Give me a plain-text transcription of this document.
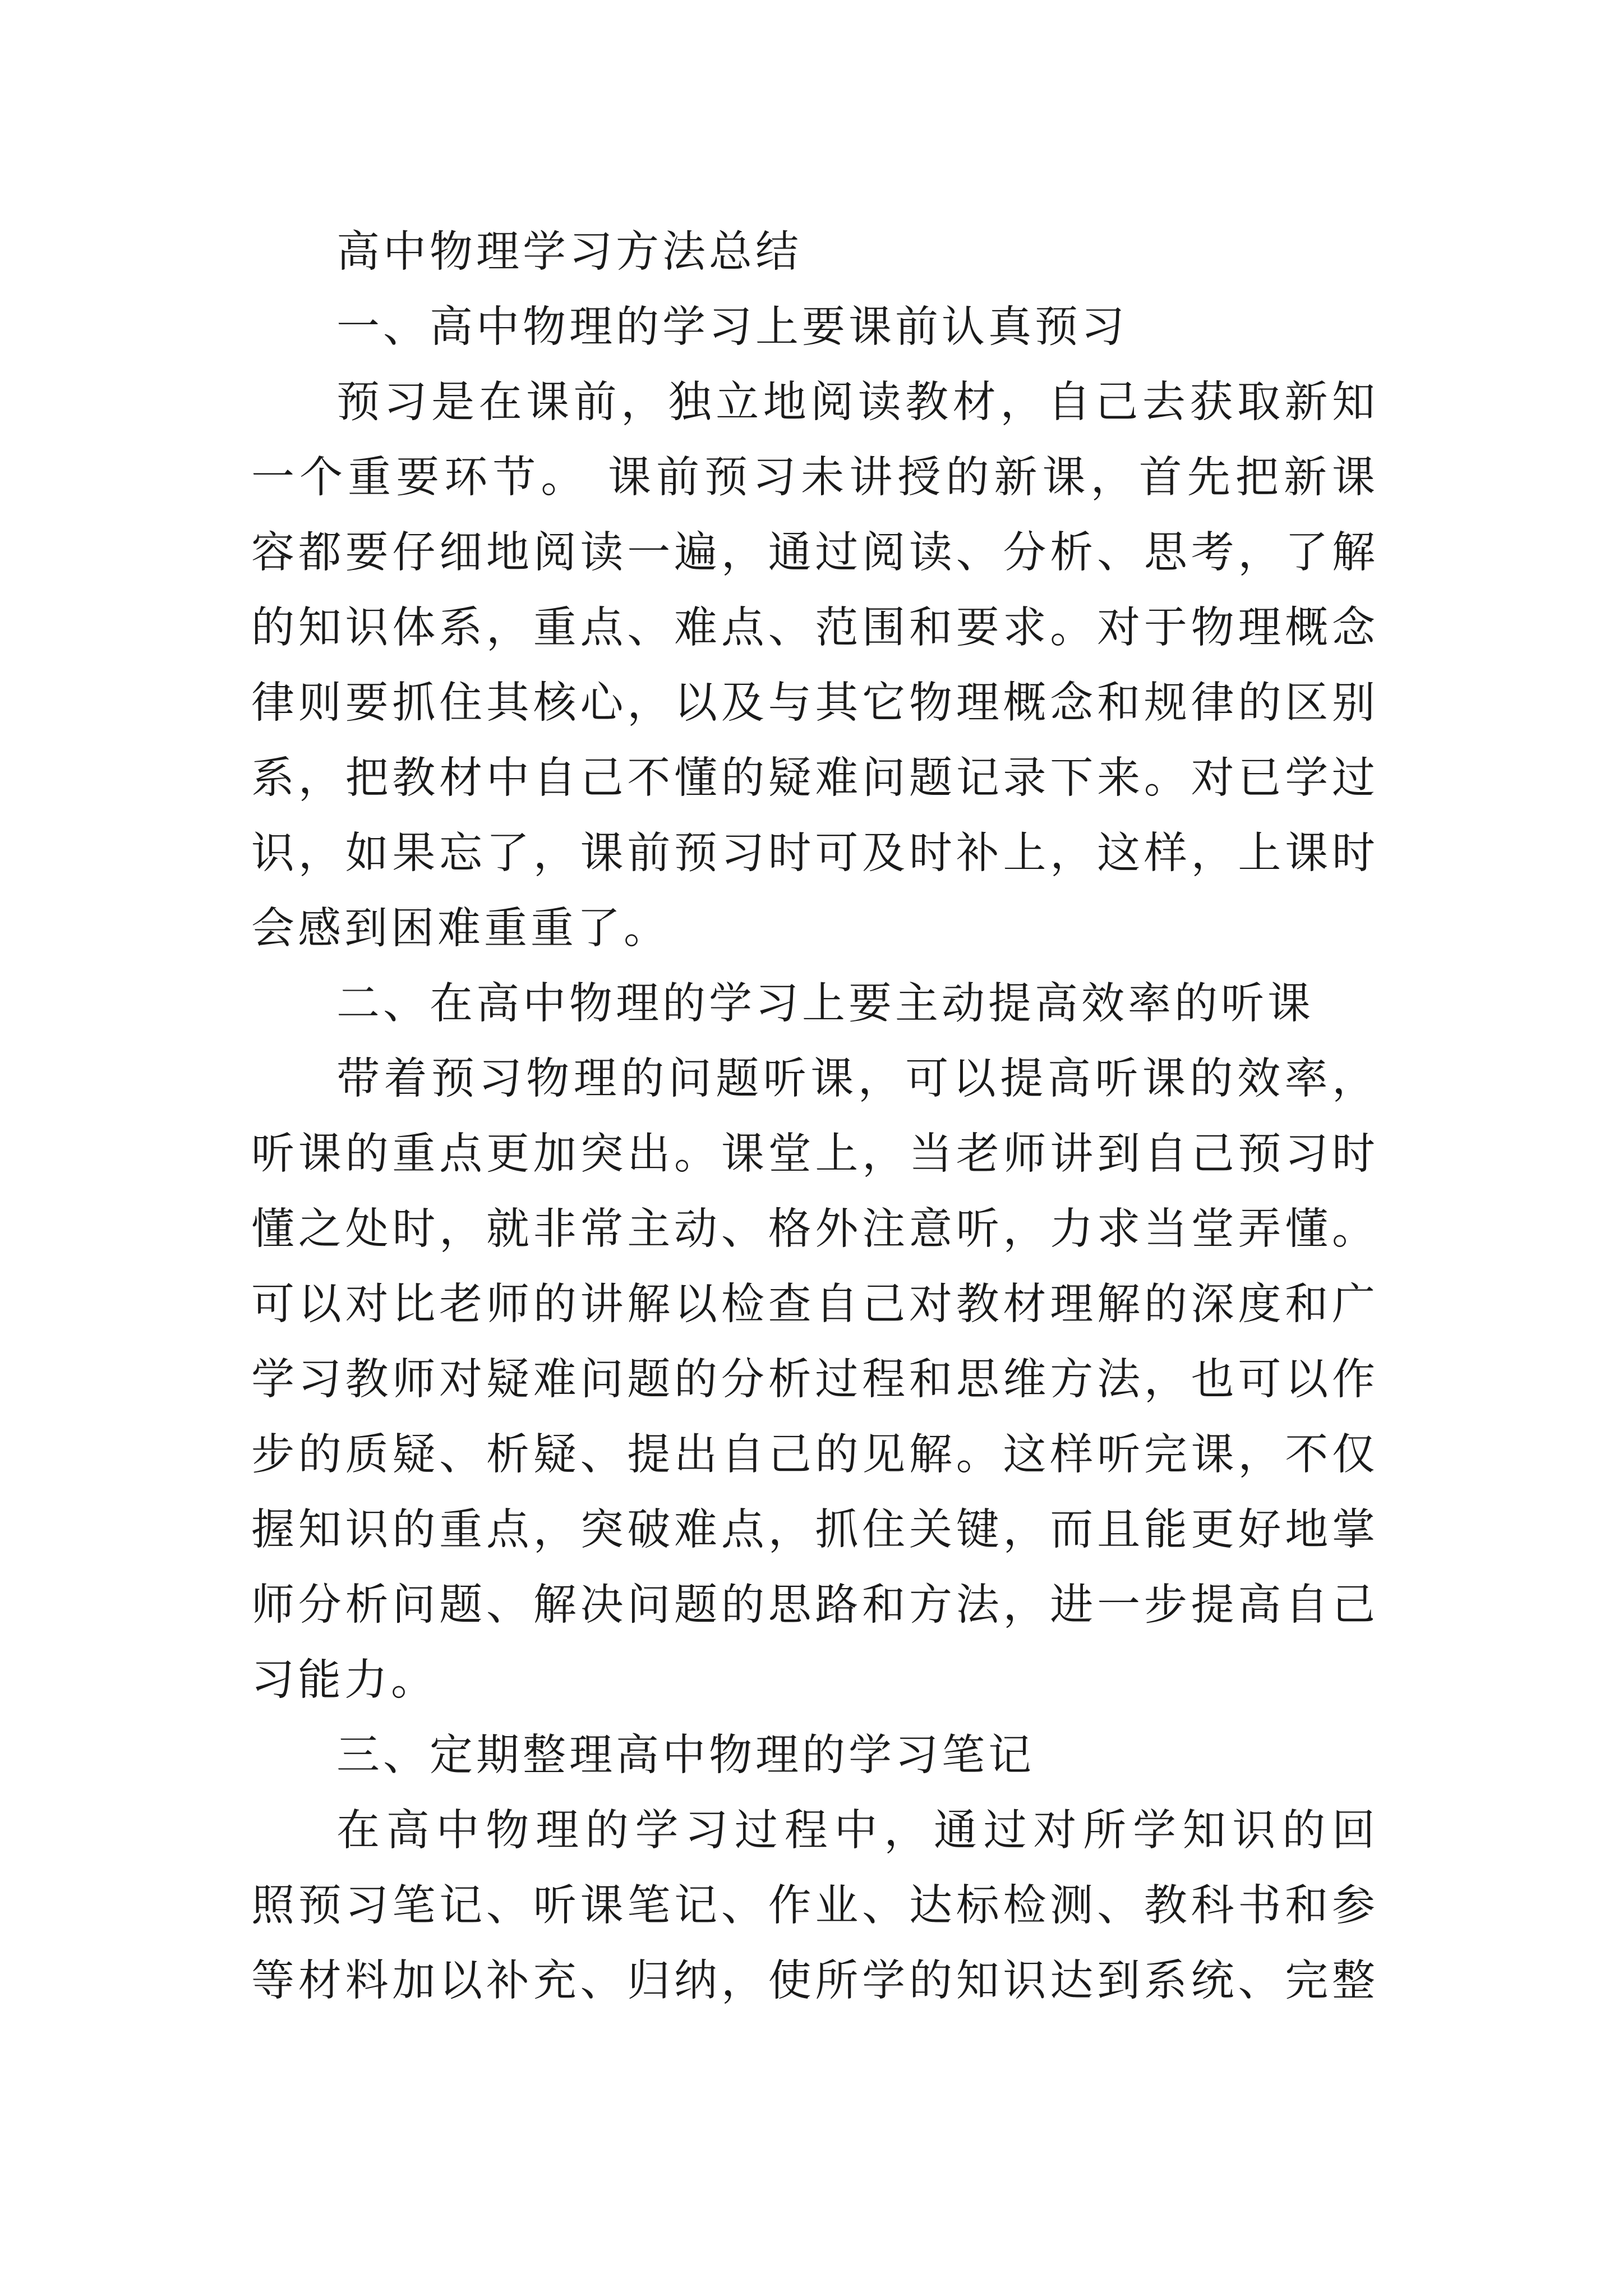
高中物理学习方法总结
一、高中物理的学习上要课前认真预习
预习是在课前，独立地阅读教材，自己去获取新知
一个重要环节。 课前预习未讲授的新课，首先把新课
容都要仔细地阅读一遍，通过阅读、分析、思考，了解
的知识体系，重点、难点、范围和要求。对于物理概念
律则要抓住其核心，以及与其它物理概念和规律的区别
系，把教材中自己不懂的疑难问题记录下来。对已学过
识，如果忘了，课前预习时可及时补上，这样，上课时
会感到困难重重了。
二、在高中物理的学习上要主动提高效率的听课
带着预习物理的问题听课，可以提高听课的效率，
听课的重点更加突出。课堂上，当老师讲到自己预习时
懂之处时，就非常主动、格外注意听，力求当堂弄懂。
可以对比老师的讲解以检查自己对教材理解的深度和广
学习教师对疑难问题的分析过程和思维方法，也可以作
步的质疑、析疑、提出自己的见解。这样听完课，不仅
握知识的重点，突破难点，抓住关键，而且能更好地掌
师分析问题、解决问题的思路和方法，进一步提高自己
习能力。
三、定期整理高中物理的学习笔记
在高中物理的学习过程中，通过对所学知识的回
照预习笔记、听课笔记、作业、达标检测、教科书和参
等材料加以补充、归纳，使所学的知识达到系统、完整
